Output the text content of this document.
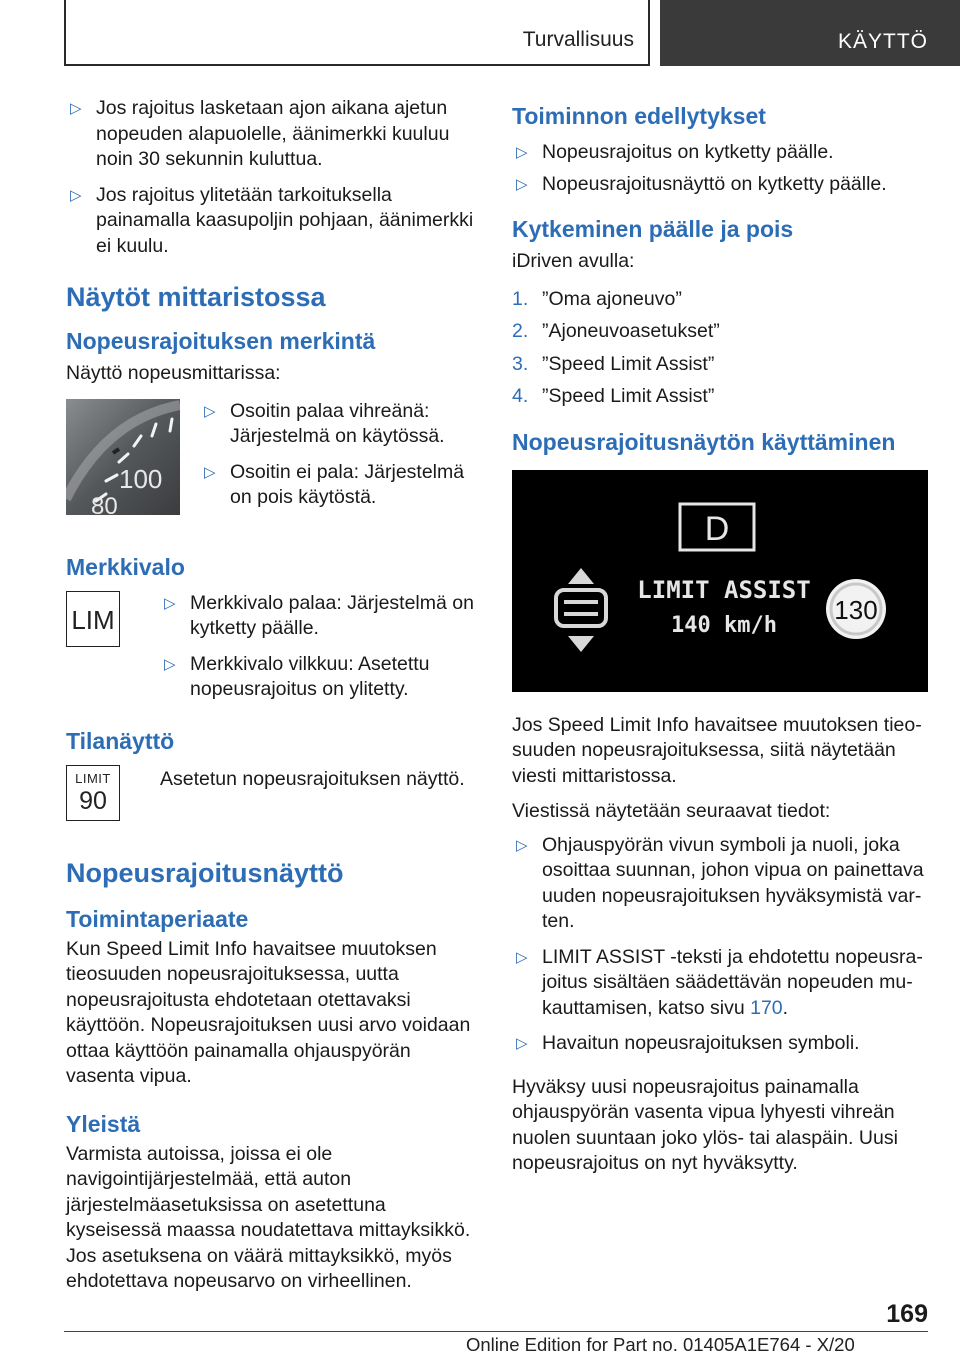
Turvallisuus	KÄYTTÖ
▷ Jos rajoitus lasketaan ajon aikana ajetun nopeuden alapuolelle, äänimerkki kuuluu noin 30 sekunnin kuluttua.
▷ Jos rajoitus ylitetään tarkoituksella painamalla kaasupoljin pohjaan, äänimerkki ei kuulu.
Näytöt mittaristossa
Nopeusrajoituksen merkintä
Näyttö nopeusmittarissa:
100
80
▷ Osoitin palaa vihreänä: Järjestelmä on käytössä.
▷ Osoitin ei pala: Järjestelmä on pois käytöstä.
Merkkivalo
LIM
▷ Merkkivalo palaa: Järjestelmä on kytketty päälle.
▷ Merkkivalo vilkkuu: Asetettu nopeusrajoitus on ylitetty.
Tilanäyttö
LIMIT
90
Asetetun nopeusrajoituksen näyttö.
Nopeusrajoitusnäyttö
Toimintaperiaate
Kun Speed Limit Info havaitsee muutoksen tieosuuden nopeusrajoituksessa, uutta nopeusrajoitusta ehdotetaan otettavaksi käyttöön. Nopeusrajoituksen uusi arvo voidaan ottaa käyttöön painamalla ohjauspyörän vasenta vipua.
Yleistä
Varmista autoissa, joissa ei ole navigointijärjestelmää, että auton järjestelmäasetuksissa on asetettuna kyseisessä maassa noudatettava mittayksikkö. Jos asetuksena on väärä mittayksikkö, myös ehdotettava nopeusarvo on virheellinen.
Toiminnon edellytykset
▷ Nopeusrajoitus on kytketty päälle.
▷ Nopeusrajoitusnäyttö on kytketty päälle.
Kytkeminen päälle ja pois
iDriven avulla:
1. ”Oma ajoneuvo”
2. ”Ajoneuvoasetukset”
3. ”Speed Limit Assist”
4. ”Speed Limit Assist”
Nopeusrajoitusnäytön käyttäminen
D
LIMIT ASSIST
140 km/h
130
Jos Speed Limit Info havaitsee muutoksen tieosuuden nopeusrajoituksessa, siitä näytetään viesti mittaristossa.
Viestissä näytetään seuraavat tiedot:
▷ Ohjauspyörän vivun symboli ja nuoli, joka osoittaa suunnan, johon vipua on painettava uuden nopeusrajoituksen hyväksymistä varten.
▷ LIMIT ASSIST -teksti ja ehdotettu nopeusrajoitus sisältäen säädettävän nopeuden mukauttamisen, katso sivu 170.
▷ Havaitun nopeusrajoituksen symboli.
Hyväksy uusi nopeusrajoitus painamalla ohjauspyörän vasenta vipua lyhyesti vihreän nuolen suuntaan joko ylös- tai alaspäin. Uusi nopeusrajoitus on nyt hyväksytty.
169
Online Edition for Part no. 01405A1E764 - X/20
